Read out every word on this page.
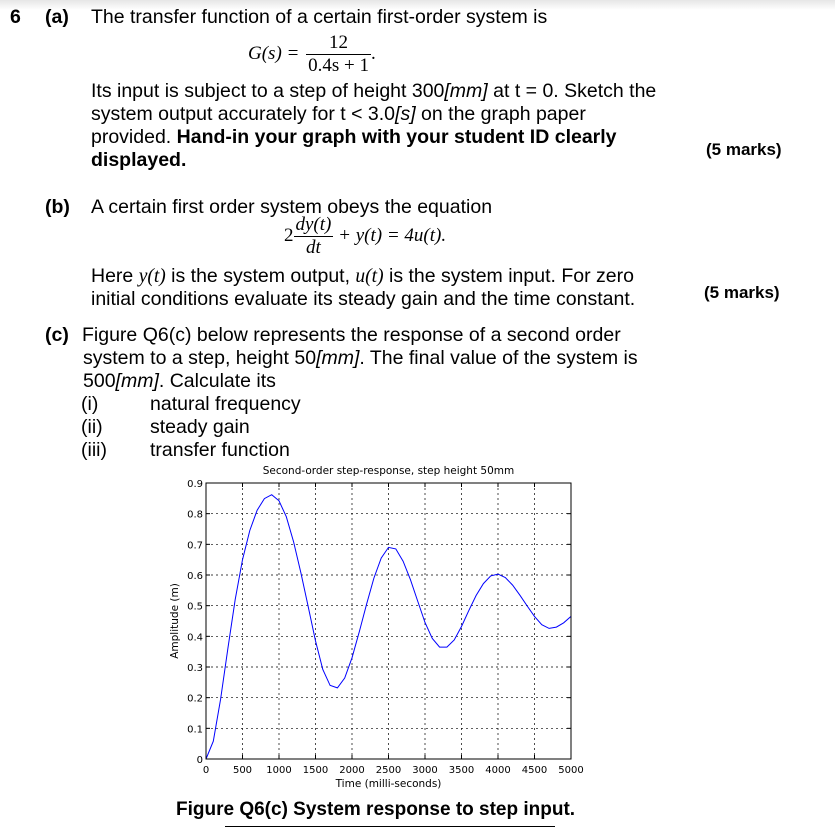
6 (a) The transfer function of a certain first-order system is
$G(s) = \frac{12}{0.4s + 1}$ .
Its input is subject to a step of height 300[mm] at t = 0. Sketch the
system output accurately for t < 3.0[s] on the graph paper
provided. Hand-in your graph with your student ID clearly
displayed.	(5 marks)
(b) A certain first order system obeys the equation
$2 \frac{dy(t)}{dt} + y(t) = 4u(t)$.
Here y(t) is the system output, u(t) is the system input. For zero
initial conditions evaluate its steady gain and the time constant.	(5 marks)
(c) Figure Q6(c) below represents the response of a second order
system to a step, height 50[mm]. The final value of the system is
500[mm]. Calculate its
(i)	natural frequency
(ii) steady gain
(iii) transfer function
0 500 1000 1500 2000 2500 3000 3500 4000 4500 5000
0
0.1
0.2
0.3
0.4
0.5
0.6
0.7
0.8
0.9
Second-order step-response, step height 50mm
Time (milli-seconds)
Amplitude (m)
Figure Q6(c) System response to step input.
